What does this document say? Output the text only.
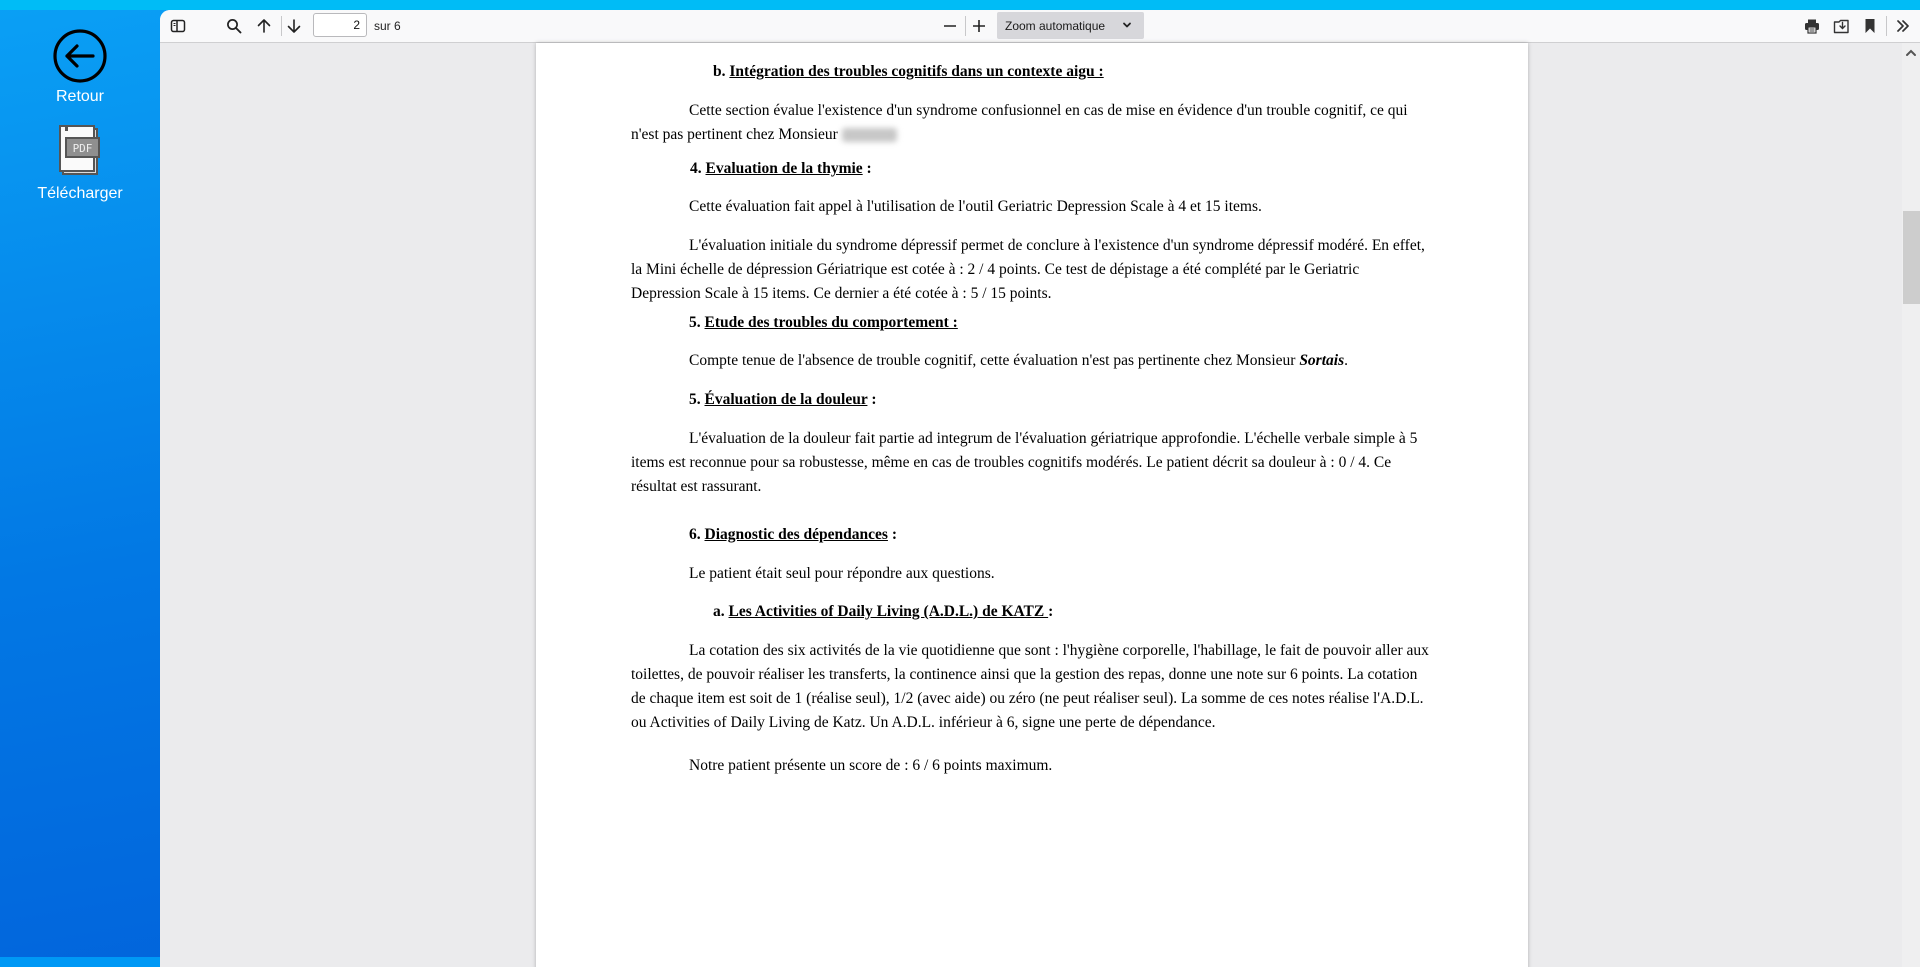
Retour
PDF
Télécharger
2
sur 6	Zoom automatique

b. Intégration des troubles cognitifs dans un contexte aigu :

Cette section évalue l'existence d'un syndrome confusionnel en cas de mise en évidence d'un trouble cognitif, ce qui n'est pas pertinent chez Monsieur

4. Evaluation de la thymie :

Cette évaluation fait appel à l'utilisation de l'outil Geriatric Depression Scale à 4 et 15 items.

L'évaluation initiale du syndrome dépressif permet de conclure à l'existence d'un syndrome dépressif modéré. En effet, la Mini échelle de dépression Gériatrique est cotée à : 2 / 4 points. Ce test de dépistage a été complété par le Geriatric Depression Scale à 15 items. Ce dernier a été cotée à : 5 / 15 points.

5. Etude des troubles du comportement :

Compte tenue de l'absence de trouble cognitif, cette évaluation n'est pas pertinente chez Monsieur Sortais.

5. Évaluation de la douleur :

L'évaluation de la douleur fait partie ad integrum de l'évaluation gériatrique approfondie. L'échelle verbale simple à 5 items est reconnue pour sa robustesse, même en cas de troubles cognitifs modérés. Le patient décrit sa douleur à : 0 / 4. Ce résultat est rassurant.

6. Diagnostic des dépendances :

Le patient était seul pour répondre aux questions.

a. Les Activities of Daily Living (A.D.L.) de KATZ :

La cotation des six activités de la vie quotidienne que sont : l'hygiène corporelle, l'habillage, le fait de pouvoir aller aux toilettes, de pouvoir réaliser les transferts, la continence ainsi que la gestion des repas, donne une note sur 6 points. La cotation de chaque item est soit de 1 (réalise seul), 1/2 (avec aide) ou zéro (ne peut réaliser seul). La somme de ces notes réalise l'A.D.L. ou Activities of Daily Living de Katz. Un A.D.L. inférieur à 6, signe une perte de dépendance.

Notre patient présente un score de : 6 / 6 points maximum.
